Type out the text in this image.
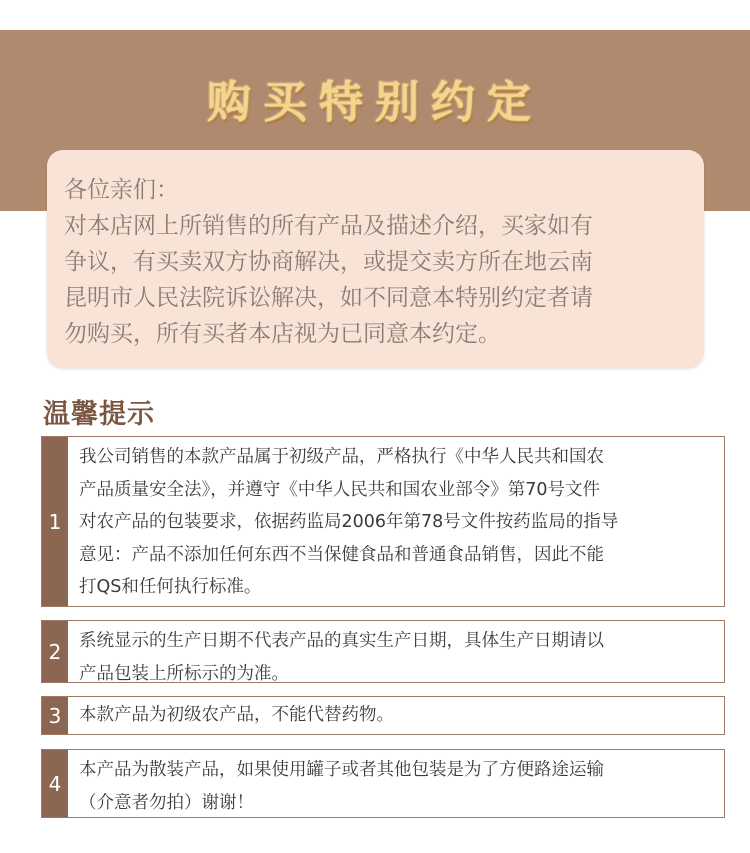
购买特别约定
各位亲们：
对本店网上所销售的所有产品及描述介绍，买家如有
争议，有买卖双方协商解决，或提交卖方所在地云南
昆明市人民法院诉讼解决，如不同意本特别约定者请
勿购买，所有买者本店视为已同意本约定。
温馨提示
1
我公司销售的本款产品属于初级产品，严格执行《中华人民共和国农
产品质量安全法》，并遵守《中华人民共和国农业部令》第70号文件
对农产品的包装要求，依据药监局2006年第78号文件按药监局的指导
意见：产品不添加任何东西不当保健食品和普通食品销售，因此不能
打QS和任何执行标准。
2	系统显示的生产日期不代表产品的真实生产日期，具体生产日期请以
产品包装上所标示的为准。
3	本款产品为初级农产品，不能代替药物。
4
本产品为散装产品，如果使用罐子或者其他包装是为了方便路途运输
（介意者勿拍）谢谢！
